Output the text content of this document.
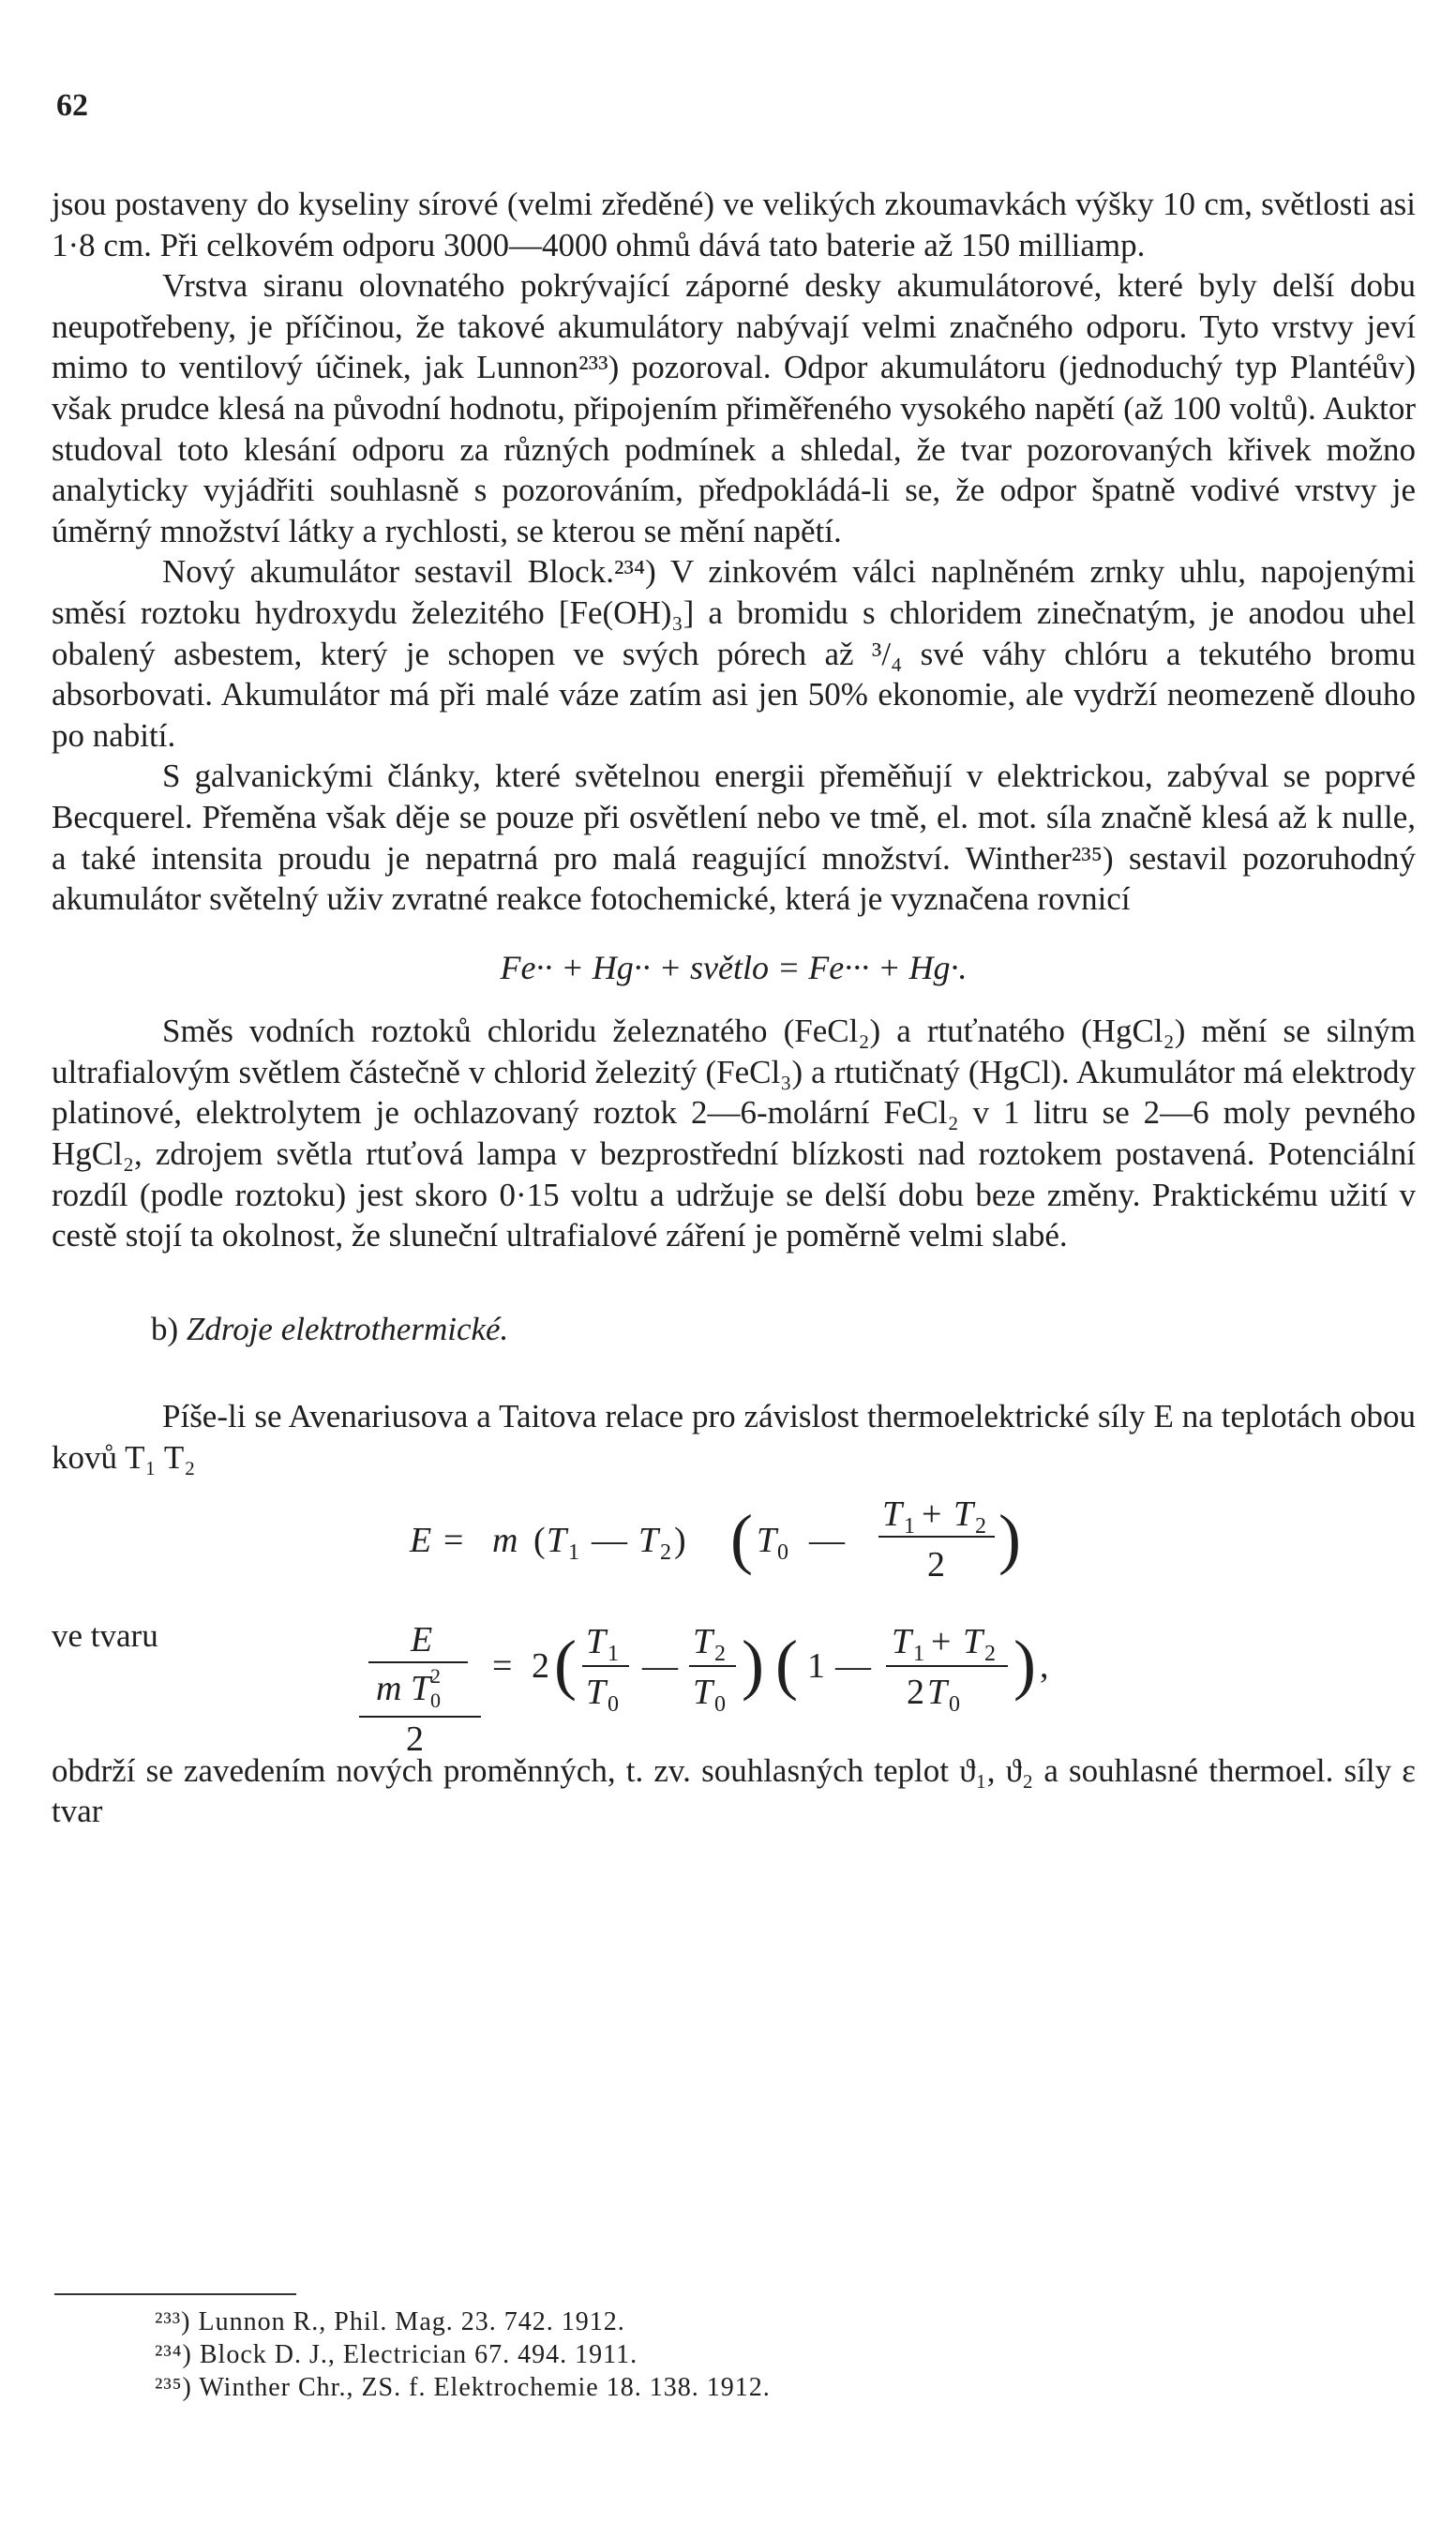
62

jsou postaveny do kyseliny sírové (velmi zředěné) ve velikých zkoumavkách výšky 10 cm, světlosti asi 1·8 cm. Při celkovém odporu 3000—4000 ohmů dává tato baterie až 150 milliamp.

Vrstva siranu olovnatého pokrývající záporné desky akumulátorové, které byly delší dobu neupotřebeny, je příčinou, že takové akumulátory nabývají velmi značného odporu. Tyto vrstvy jeví mimo to ventilový účinek, jak Lunnon²³³) pozoroval. Odpor akumulátoru (jednoduchý typ Plantéův) však prudce klesá na původní hodnotu, připojením přiměřeného vysokého napětí (až 100 voltů). Auktor studoval toto klesání odporu za různých podmínek a shledal, že tvar pozorovaných křivek možno analyticky vyjádřiti souhlasně s pozorováním, předpokládá-li se, že odpor špatně vodivé vrstvy je úměrný množství látky a rychlosti, se kterou se mění napětí.

Nový akumulátor sestavil Block.²³⁴) V zinkovém válci naplněném zrnky uhlu, napojenými směsí roztoku hydroxydu železitého [Fe(OH)₃] a bromidu s chloridem zinečnatým, je anodou uhel obalený asbestem, který je schopen ve svých pórech až ³/₄ své váhy chlóru a tekutého bromu absorbovati. Akumulátor má při malé váze zatím asi jen 50% ekonomie, ale vydrží neomezeně dlouho po nabití.

S galvanickými články, které světelnou energii přeměňují v elektrickou, zabýval se poprvé Becquerel. Přeměna však děje se pouze při osvětlení nebo ve tmě, el. mot. síla značně klesá až k nulle, a také intensita proudu je nepatrná pro malá reagující množství. Winther²³⁵) sestavil pozoruhodný akumulátor světelný uživ zvratné reakce fotochemické, která je vyznačena rovnicí

Fe·· + Hg·· + světlo = Fe··· + Hg·.

Směs vodních roztoků chloridu železnatého (FeCl₂) a rtuťnatého (HgCl₂) mění se silným ultrafialovým světlem částečně v chlorid železitý (FeCl₃) a rtutičnatý (HgCl). Akumulátor má elektrody platinové, elektrolytem je ochlazovaný roztok 2—6-molární FeCl₂ v 1 litru se 2—6 moly pevného HgCl₂, zdrojem světla rtuťová lampa v bezprostřední blízkosti nad roztokem postavená. Potenciální rozdíl (podle roztoku) jest skoro 0·15 voltu a udržuje se delší dobu beze změny. Praktickému užití v cestě stojí ta okolnost, že sluneční ultrafialové záření je poměrně velmi slabé.

b) Zdroje elektrothermické.

Píše-li se Avenariusova a Taitova relace pro závislost thermoelektrické síly E na teplotách obou kovů T₁ T₂

E = m ( T 1 — T 2 ) ( T 0 —
T 1 + T 2
2 )
ve tvaru	E
m T 0
2
2
= 2 ( T 1
T 0
—
T 2
T 0
) ( 1 —
T 1 + T 2
2 T 0
) ,

obdrží se zavedením nových proměnných, t. zv. souhlasných teplot ϑ₁, ϑ₂ a souhlasné thermoel. síly ε tvar

²³³) Lunnon R., Phil. Mag. 23. 742. 1912.
²³⁴) Block D. J., Electrician 67. 494. 1911.
²³⁵) Winther Chr., ZS. f. Elektrochemie 18. 138. 1912.
